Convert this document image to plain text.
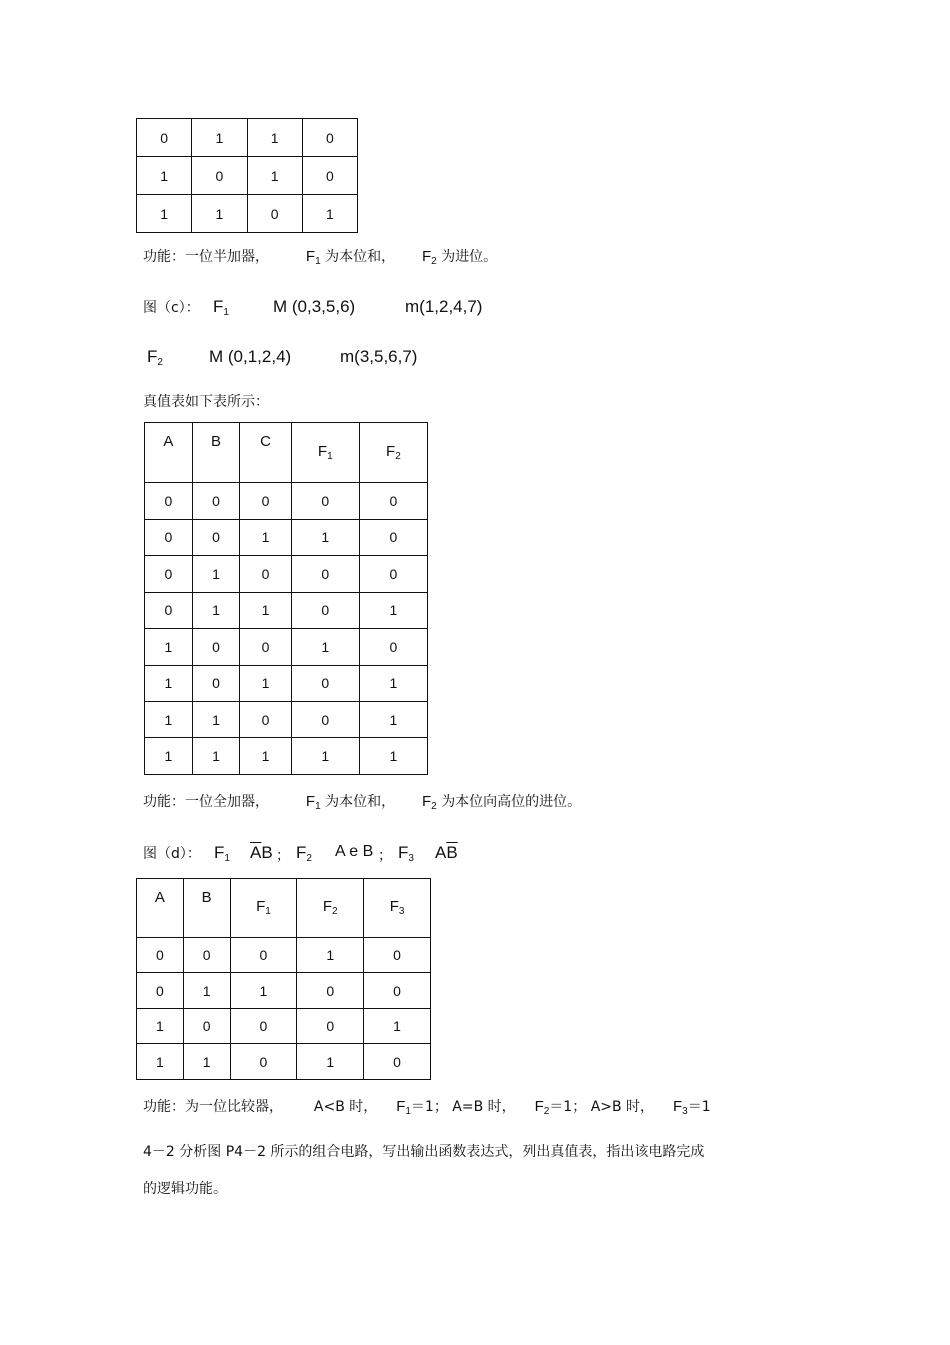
0	1	1	0
1	0	1	0
1	1	0	1
功能：一位半加器， $F_1$ 为本位和， $F_2$ 为进位。
图（c）： $F_1$	M (0,3,5,6)	m(1,2,4,7)
$F_2$	M (0,1,2,4)	m(3,5,6,7)
真值表如下表所示：
A	B	C	$F_1$	$F_2$
0	0	0	0	0
0	0	1	1	0
0	1	0	0	0
0	1	1	0	1
1	0	0	1	0
1	0	1	0	1
1	1	0	0	1
1	1	1	1	1
功能：一位全加器， $F_1$ 为本位和， $F_2$ 为本位向高位的进位。
图（d）： $F_1$ $\overline{A}B$ ； $F_2$ A e B ； $F_3$ $A\overline{B}$
A	B	$F_1$	$F_2$	$F_3$
0	0	0	1	0
0	1	1	0	0
1	0	0	0	1
1	1	0	1	0
功能：为一位比较器， A<B 时， $F_1=1$； A=B 时， $F_2=1$； A>B 时， $F_3=1$
4－2 分析图 P4－2 所示的组合电路，写出输出函数表达式，列出真值表，指出该电路完成
的逻辑功能。
